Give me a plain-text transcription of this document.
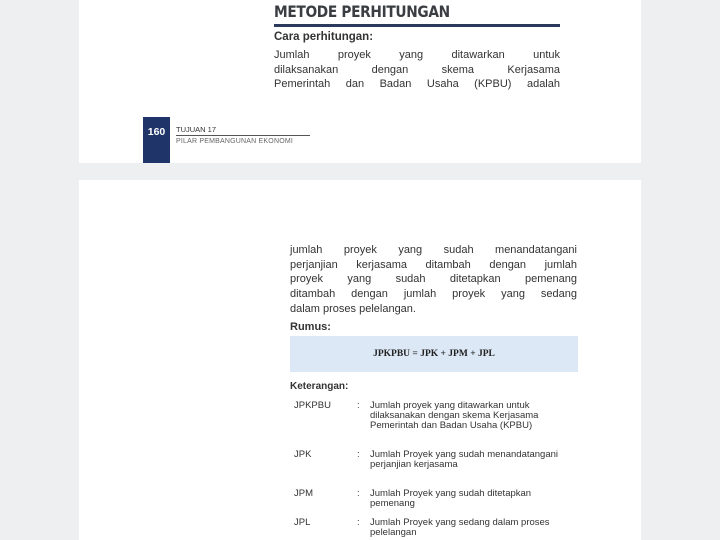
METODE PERHITUNGAN
Cara perhitungan:
Jumlah proyek yang ditawarkan untuk
dilaksanakan dengan skema Kerjasama
Pemerintah dan Badan Usaha (KPBU) adalah
160	TUJUAN 17
PILAR PEMBANGUNAN EKONOMI
jumlah proyek yang sudah menandatangani
perjanjian kerjasama ditambah dengan jumlah
proyek yang sudah ditetapkan pemenang
ditambah dengan jumlah proyek yang sedang
dalam proses pelelangan.
Rumus:
JPKPBU = JPK + JPM + JPL
Keterangan:
JPKPBU	: Jumlah proyek yang ditawarkan untuk dilaksanakan dengan skema Kerjasama Pemerintah dan Badan Usaha (KPBU)
JPK	: Jumlah Proyek yang sudah menandatangani perjanjian kerjasama
JPM	: Jumlah Proyek yang sudah ditetapkan pemenang
JPL	: Jumlah Proyek yang sedang dalam proses pelelangan
